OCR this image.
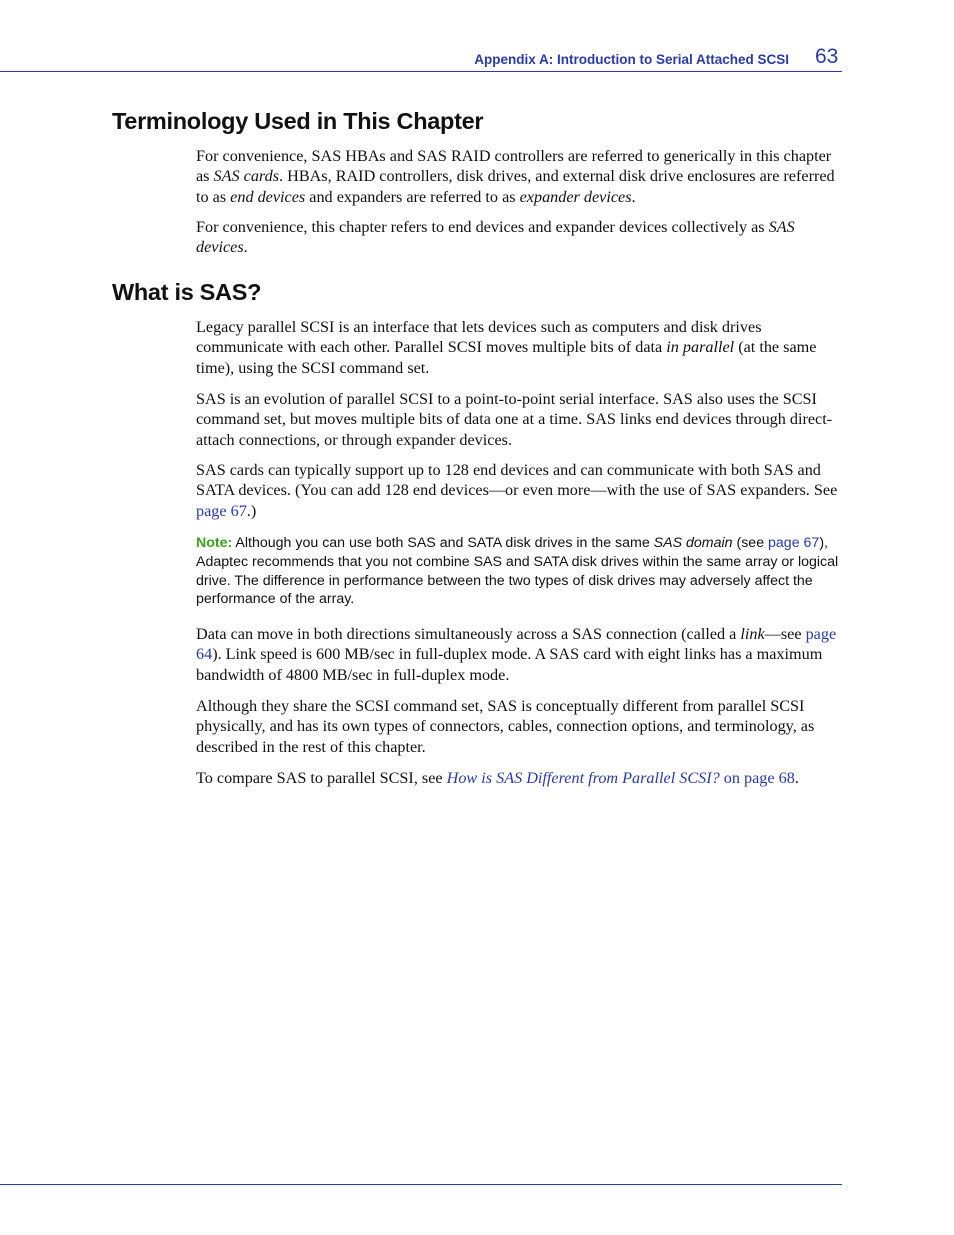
Appendix A: Introduction to Serial Attached SCSI 63
Terminology Used in This Chapter

For convenience, SAS HBAs and SAS RAID controllers are referred to generically in this chapter as SAS cards. HBAs, RAID controllers, disk drives, and external disk drive enclosures are referred to as end devices and expanders are referred to as expander devices.

For convenience, this chapter refers to end devices and expander devices collectively as SAS devices.

What is SAS?

Legacy parallel SCSI is an interface that lets devices such as computers and disk drives communicate with each other. Parallel SCSI moves multiple bits of data in parallel (at the same time), using the SCSI command set.

SAS is an evolution of parallel SCSI to a point-to-point serial interface. SAS also uses the SCSI command set, but moves multiple bits of data one at a time. SAS links end devices through direct-attach connections, or through expander devices.

SAS cards can typically support up to 128 end devices and can communicate with both SAS and SATA devices. (You can add 128 end devices—or even more—with the use of SAS expanders. See page 67.)

Note: Although you can use both SAS and SATA disk drives in the same SAS domain (see page 67), Adaptec recommends that you not combine SAS and SATA disk drives within the same array or logical drive. The difference in performance between the two types of disk drives may adversely affect the performance of the array.

Data can move in both directions simultaneously across a SAS connection (called a link—see page 64). Link speed is 600 MB/sec in full-duplex mode. A SAS card with eight links has a maximum bandwidth of 4800 MB/sec in full-duplex mode.

Although they share the SCSI command set, SAS is conceptually different from parallel SCSI physically, and has its own types of connectors, cables, connection options, and terminology, as described in the rest of this chapter.

To compare SAS to parallel SCSI, see How is SAS Different from Parallel SCSI? on page 68.
